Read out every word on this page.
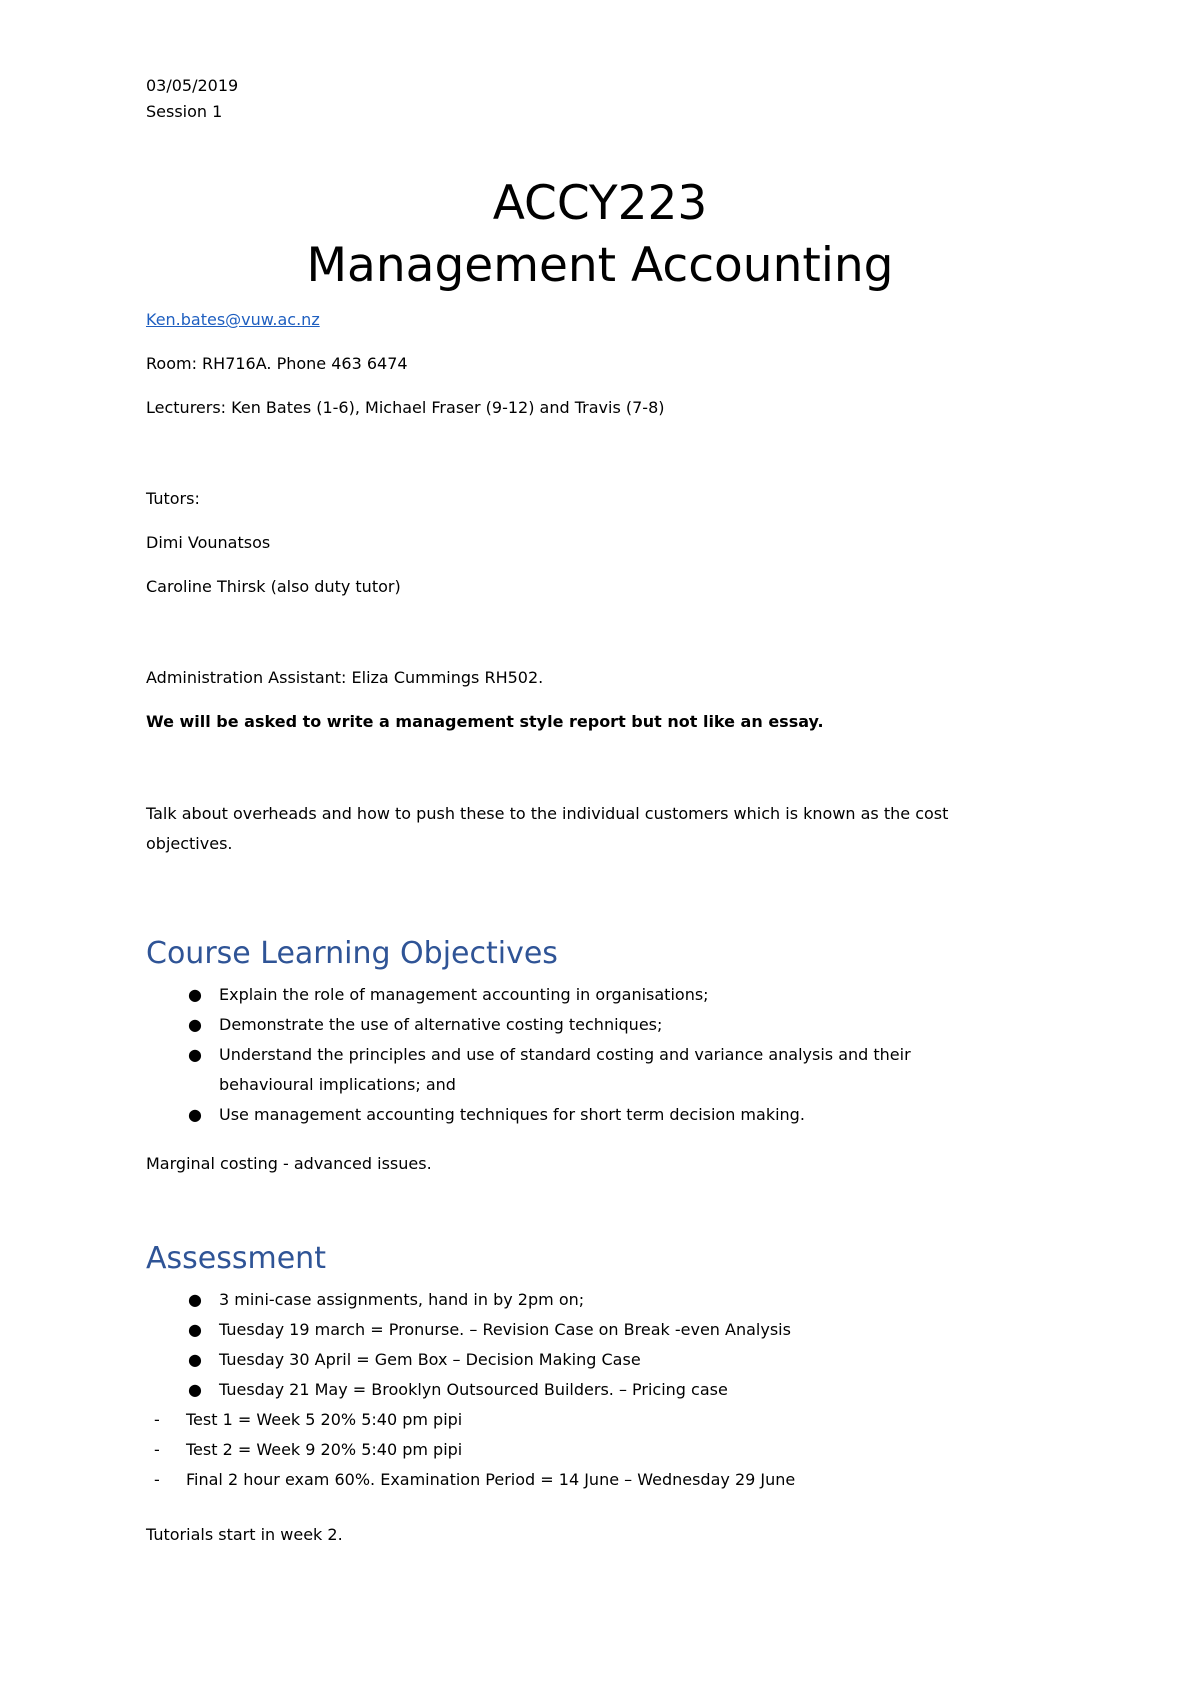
03/05/2019
Session 1
ACCY223
Management Accounting
Ken.bates@vuw.ac.nz
Room: RH716A. Phone 463 6474
Lecturers: Ken Bates (1-6), Michael Fraser (9-12) and Travis (7-8)
Tutors:
Dimi Vounatsos
Caroline Thirsk (also duty tutor)
Administration Assistant: Eliza Cummings RH502.
We will be asked to write a management style report but not like an essay.
Talk about overheads and how to push these to the individual customers which is known as the cost
objectives.
Course Learning Objectives
● Explain the role of management accounting in organisations;
● Demonstrate the use of alternative costing techniques;
● Understand the principles and use of standard costing and variance analysis and their
behavioural implications; and
● Use management accounting techniques for short term decision making.
Marginal costing - advanced issues.
Assessment
● 3 mini-case assignments, hand in by 2pm on;
● Tuesday 19 march = Pronurse. – Revision Case on Break -even Analysis
● Tuesday 30 April = Gem Box – Decision Making Case
● Tuesday 21 May = Brooklyn Outsourced Builders. – Pricing case
- Test 1 = Week 5 20% 5:40 pm pipi
- Test 2 = Week 9 20% 5:40 pm pipi
- Final 2 hour exam 60%. Examination Period = 14 June – Wednesday 29 June
Tutorials start in week 2.
